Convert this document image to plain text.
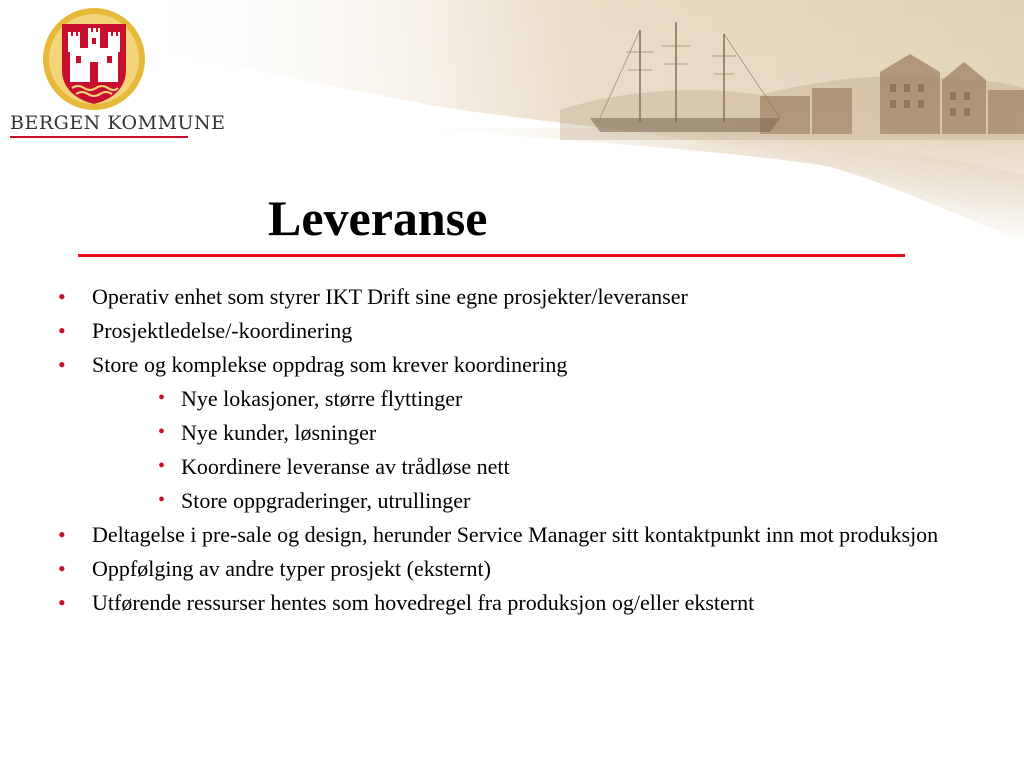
BERGEN KOMMUNE
Leveranse
• Operativ enhet som styrer IKT Drift sine egne prosjekter/leveranser
• Prosjektledelse/-koordinering
• Store og komplekse oppdrag som krever koordinering
• Nye lokasjoner, større flyttinger
• Nye kunder, løsninger
• Koordinere leveranse av trådløse nett
• Store oppgraderinger, utrullinger
• Deltagelse i pre-sale og design, herunder Service Manager sitt kontaktpunkt inn mot produksjon
• Oppfølging av andre typer prosjekt (eksternt)
• Utførende ressurser hentes som hovedregel fra produksjon og/eller eksternt
